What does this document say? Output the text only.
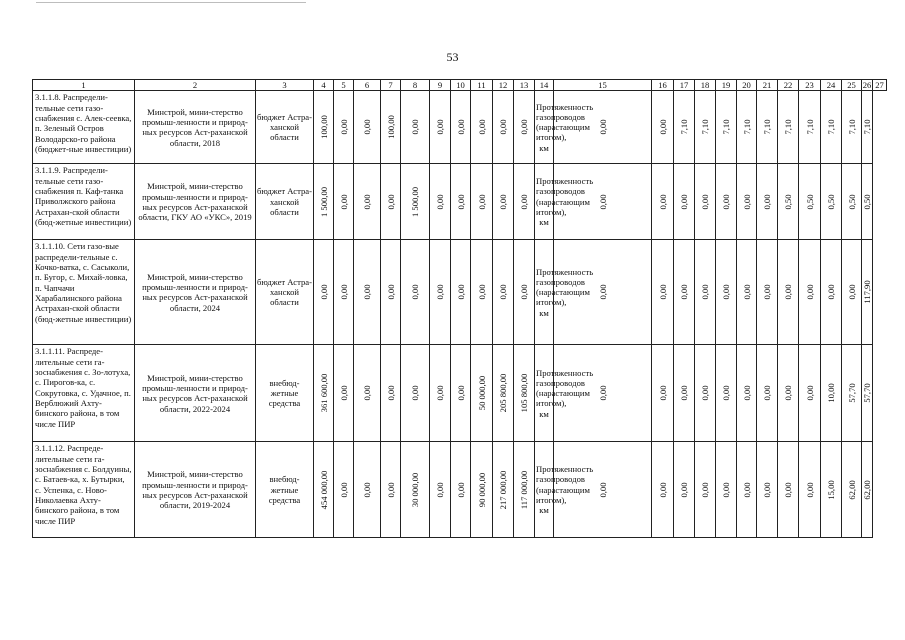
53
1	2	3	4	5	6	7	8	9	10	11	12	13	14	15	16	17	18	19	20	21	22	23	24	25	26	27
3.1.1.8. Распредели-тельные сети газо-снабжения с. Алек-сеевка, п. Зеленый Остров Володарско-го района (бюджет-ные инвестиции)	Минстрой, мини-стерство промыш-ленности и природ-ных ресурсов Аст-раханской области, 2018	бюджет Астра-ханской области	100,00	0,00	0,00	100,00	0,00	0,00	0,00	0,00	0,00	0,00	Протяженность газопроводов (нарастающим итогом), км	0,00	0,00	7,10	7,10	7,10	7,10	7,10	7,10	7,10	7,10	7,10	7,10	

3.1.1.9. Распредели-тельные сети газо-снабжения п. Каф-танка Приволжского района Астрахан-ской области (бюд-жетные инвестиции)	Минстрой, мини-стерство промыш-ленности и природ-ных ресурсов Аст-раханской области, ГКУ АО «УКС», 2019	бюджет Астра-ханской области	1 500,00	0,00	0,00	0,00	1 500,00	0,00	0,00	0,00	0,00	0,00	Протяженность газопроводов (нарастающим итогом), км	0,00	0,00	0,00	0,00	0,00	0,00	0,00	0,50	0,50	0,50	0,50	0,50	

3.1.1.10. Сети газо-вые распредели-тельные с. Кочко-ватка, с. Сасыколи, п. Бугор, с. Михай-ловка, п. Чапчачи Харабалинского района Астрахан-ской области (бюд-жетные инвестиции)	Минстрой, мини-стерство промыш-ленности и природ-ных ресурсов Аст-раханской области, 2024	бюджет Астра-ханской области	0,00	0,00	0,00	0,00	0,00	0,00	0,00	0,00	0,00	0,00	Протяженность газопроводов (нарастающим итогом), км	0,00	0,00	0,00	0,00	0,00	0,00	0,00	0,00	0,00	0,00	0,00	117,90	

3.1.1.11. Распреде-лительные сети га-зоснабжения с. Зо-лотуха, с. Пирогов-ка, с. Сокрутовка, с. Удачное, п. Верблюжий Ахту-бинского района, в том числе ПИР	Минстрой, мини-стерство промыш-ленности и природ-ных ресурсов Аст-раханской области, 2022-2024	внебюд-жетные средства	361 600,00	0,00	0,00	0,00	0,00	0,00	0,00	50 000,00	205 800,00	105 800,00	Протяженность газопроводов (нарастающим итогом), км	0,00	0,00	0,00	0,00	0,00	0,00	0,00	0,00	0,00	10,00	57,70	57,70	

3.1.1.12. Распреде-лительные сети га-зоснабжения с. Болдуины, с. Батаев-ка, х. Бутырки, с. Успенка, с. Ново-Николаевка Ахту-бинского района, в том числе ПИР	Минстрой, мини-стерство промыш-ленности и природ-ных ресурсов Аст-раханской области, 2019-2024	внебюд-жетные средства	454 000,00	0,00	0,00	0,00	30 000,00	0,00	0,00	90 000,00	217 000,00	117 000,00	Протяженность газопроводов (нарастающим итогом), км	0,00	0,00	0,00	0,00	0,00	0,00	0,00	0,00	0,00	15,00	62,00	62,00	
